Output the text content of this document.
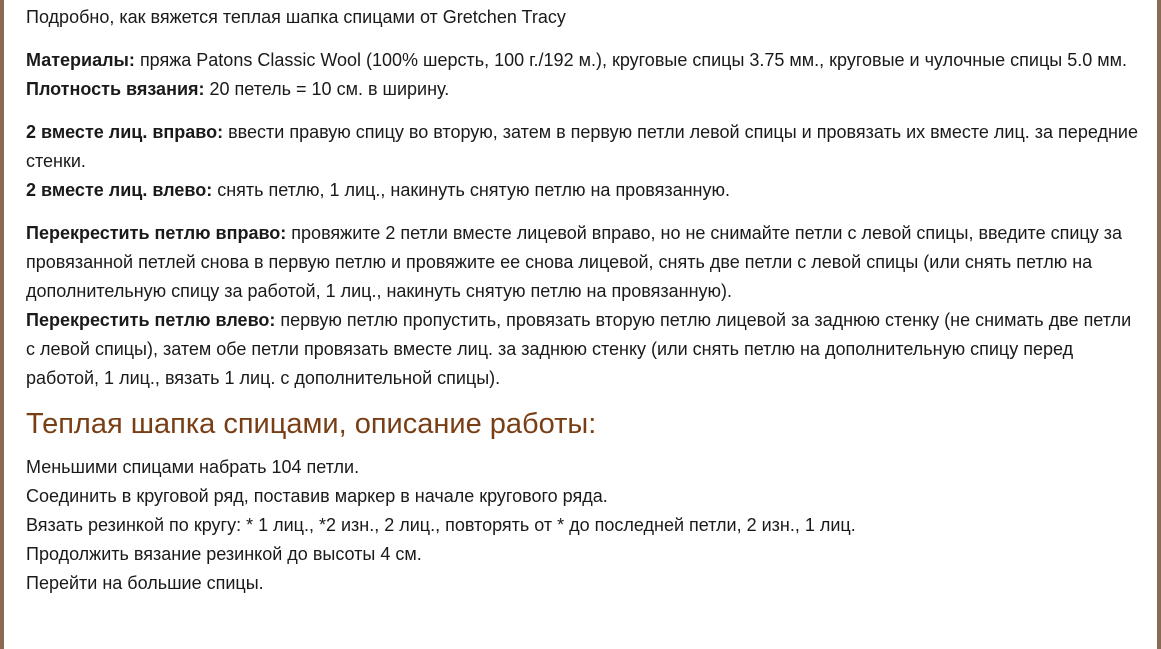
Подробно, как вяжется теплая шапка спицами от Gretchen Tracy

Материалы: пряжа Patons Classic Wool (100% шерсть, 100 г./192 м.), круговые спицы 3.75 мм., круговые и чулочные спицы 5.0 мм.

Плотность вязания: 20 петель = 10 см. в ширину.

2 вместе лиц. вправо: ввести правую спицу во вторую, затем в первую петли левой спицы и провязать их вместе лиц. за передние стенки.

2 вместе лиц. влево: снять петлю, 1 лиц., накинуть снятую петлю на провязанную.

Перекрестить петлю вправо: провяжите 2 петли вместе лицевой вправо, но не снимайте петли с левой спицы, введите спицу за провязанной петлей снова в первую петлю и провяжите ее снова лицевой, снять две петли с левой спицы (или снять петлю на дополнительную спицу за работой, 1 лиц., накинуть снятую петлю на провязанную).

Перекрестить петлю влево: первую петлю пропустить, провязать вторую петлю лицевой за заднюю стенку (не снимать две петли с левой спицы), затем обе петли провязать вместе лиц. за заднюю стенку (или снять петлю на дополнительную спицу перед работой, 1 лиц., вязать 1 лиц. с дополнительной спицы).

Теплая шапка спицами, описание работы:

Меньшими спицами набрать 104 петли.

Соединить в круговой ряд, поставив маркер в начале кругового ряда.

Вязать резинкой по кругу: * 1 лиц., *2 изн., 2 лиц., повторять от * до последней петли, 2 изн., 1 лиц.

Продолжить вязание резинкой до высоты 4 см.

Перейти на большие спицы.
